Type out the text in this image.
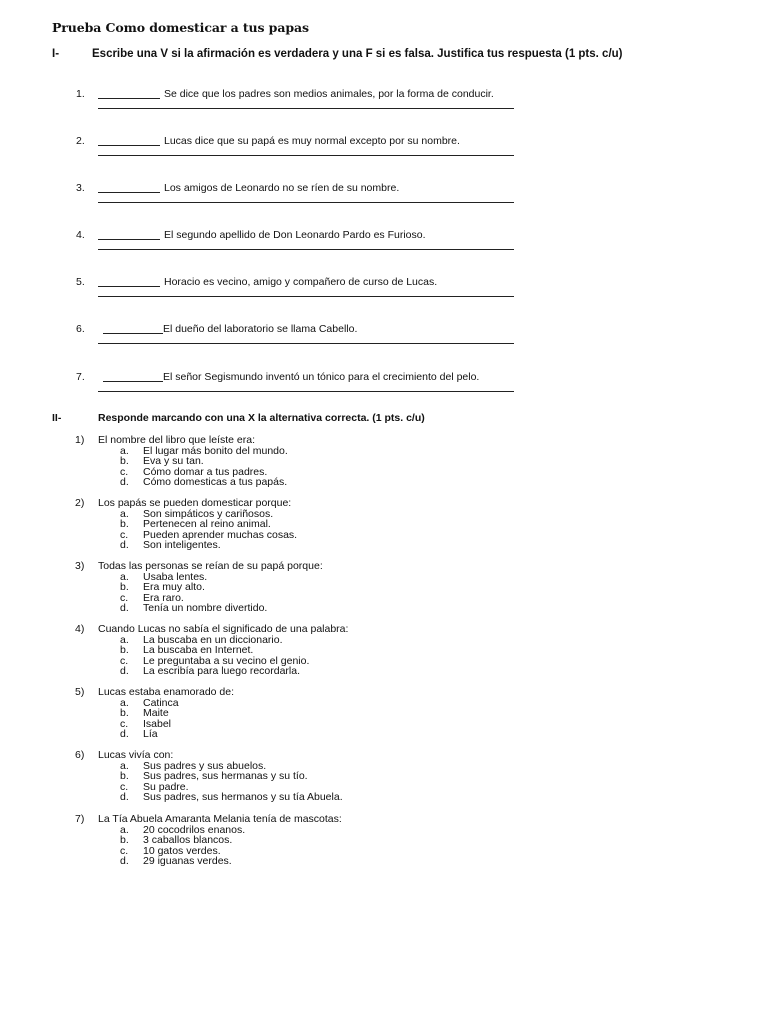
Prueba Como domesticar a tus papas
I-	Escribe una V si la afirmación es verdadera y una F si es falsa. Justifica tus respuesta (1 pts. c/u)
1.	Se dice que los padres son medios animales, por la forma de conducir.
2.	Lucas dice que su papá es muy normal excepto por su nombre.
3.	Los amigos de Leonardo no se ríen de su nombre.
4.	El segundo apellido de Don Leonardo Pardo es Furioso.
5.	Horacio es vecino, amigo y compañero de curso de Lucas.
6.	El dueño del laboratorio se llama Cabello.
7.	El señor Segismundo inventó un tónico para el crecimiento del pelo.
II-	Responde marcando con una X la alternativa correcta. (1 pts. c/u)
1) El nombre del libro que leíste era:
a. El lugar más bonito del mundo.
b. Eva y su tan.
c. Cómo domar a tus padres.
d. Cómo domesticas a tus papás.
2) Los papás se pueden domesticar porque:
a. Son simpáticos y cariñosos.
b. Pertenecen al reino animal.
c. Pueden aprender muchas cosas.
d. Son inteligentes.
3) Todas las personas se reían de su papá porque:
a. Usaba lentes.
b. Era muy alto.
c. Era raro.
d. Tenía un nombre divertido.
4) Cuando Lucas no sabía el significado de una palabra:
a. La buscaba en un diccionario.
b. La buscaba en Internet.
c. Le preguntaba a su vecino el genio.
d. La escribía para luego recordarla.
5) Lucas estaba enamorado de:
a. Catinca
b. Maite
c. Isabel
d. Lía
6) Lucas vivía con:
a. Sus padres y sus abuelos.
b. Sus padres, sus hermanas y su tío.
c. Su padre.
d. Sus padres, sus hermanos y su tía Abuela.
7) La Tía Abuela Amaranta Melania tenía de mascotas:
a. 20 cocodrilos enanos.
b. 3 caballos blancos.
c. 10 gatos verdes.
d. 29 iguanas verdes.
